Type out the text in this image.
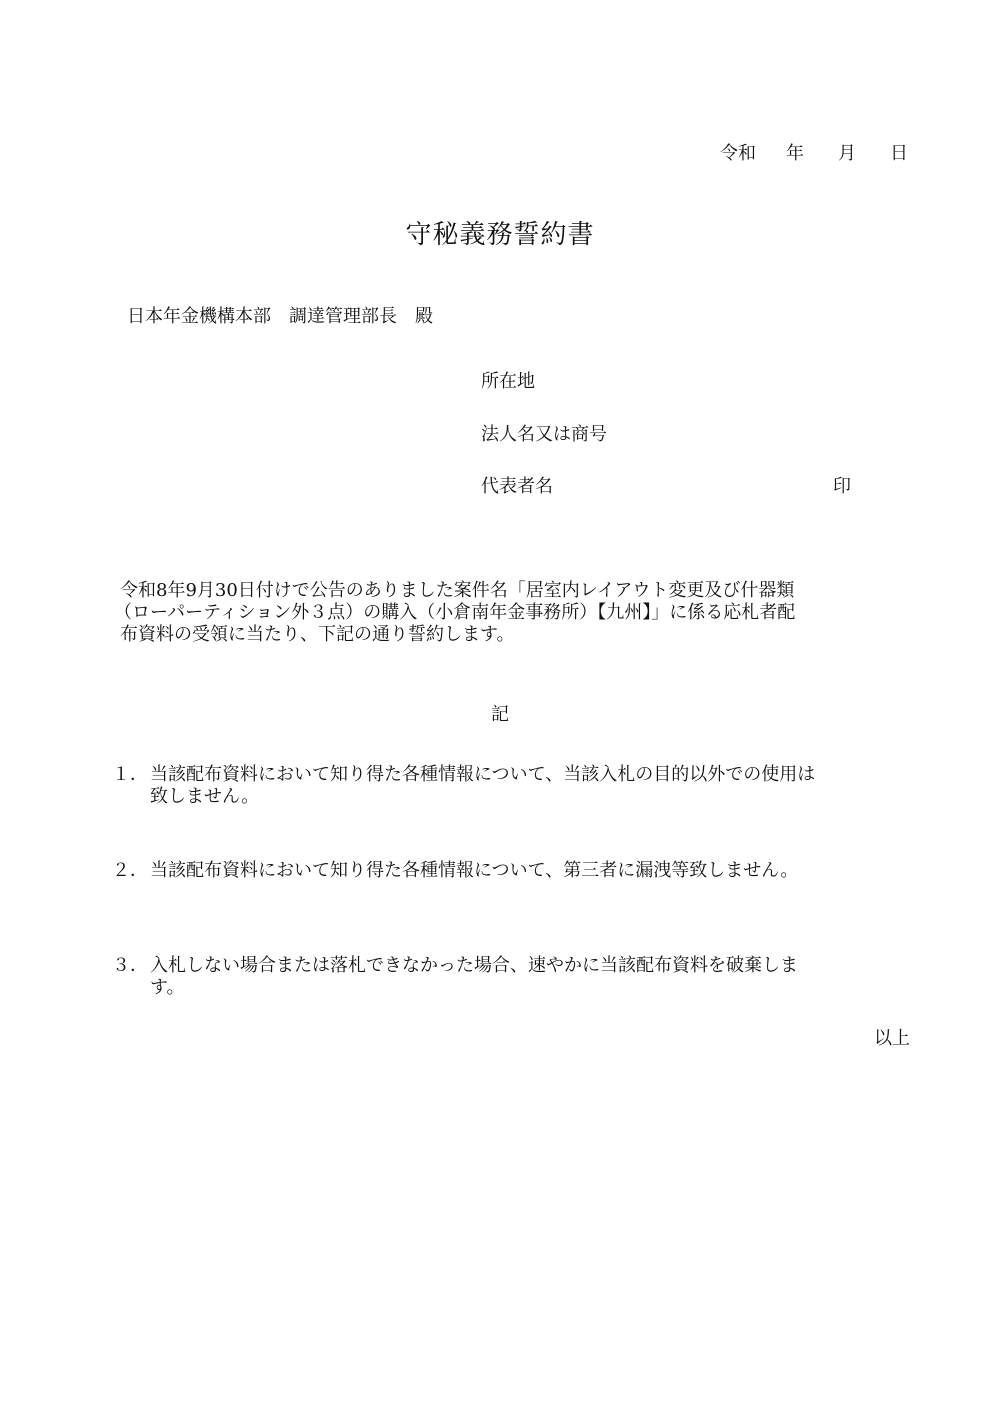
令和 年 月 日
守秘義務誓約書
日本年金機構本部　調達管理部長　殿
所在地
法人名又は商号
代表者名	印
令和8年9月30日付けで公告のありました案件名「居室内レイアウト変更及び什器類
（ローパーティション外３点）の購入（小倉南年金事務所）【九州】」に係る応札者配
布資料の受領に当たり、下記の通り誓約します。
記
１． 当該配布資料において知り得た各種情報について、当該入札の目的以外での使用は
致しません。
２． 当該配布資料において知り得た各種情報について、第三者に漏洩等致しません。
３． 入札しない場合または落札できなかった場合、速やかに当該配布資料を破棄しま
す。
以上
